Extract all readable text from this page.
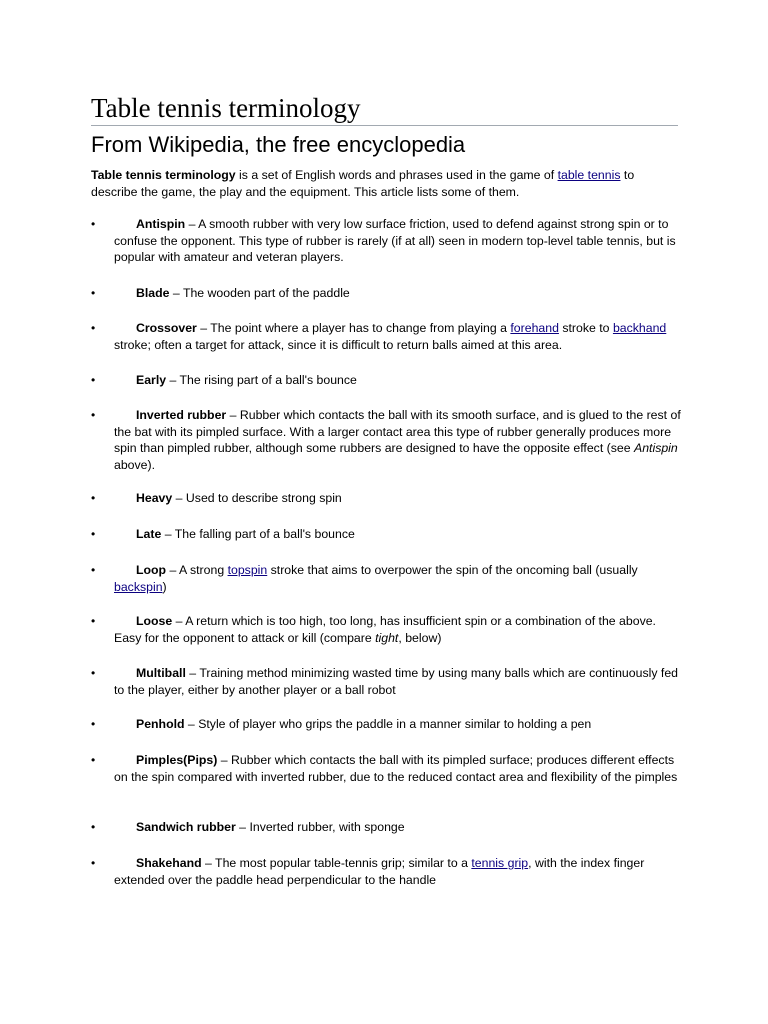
Table tennis terminology
From Wikipedia, the free encyclopedia

Table tennis terminology is a set of English words and phrases used in the game of table tennis to describe the game, the play and the equipment. This article lists some of them.

•	Antispin – A smooth rubber with very low surface friction, used to defend against strong spin or to confuse the opponent. This type of rubber is rarely (if at all) seen in modern top-level table tennis, but is popular with amateur and veteran players.
•	Blade – The wooden part of the paddle
•	Crossover – The point where a player has to change from playing a forehand stroke to backhand stroke; often a target for attack, since it is difficult to return balls aimed at this area.
•	Early – The rising part of a ball's bounce
•	Inverted rubber – Rubber which contacts the ball with its smooth surface, and is glued to the rest of the bat with its pimpled surface. With a larger contact area this type of rubber generally produces more spin than pimpled rubber, although some rubbers are designed to have the opposite effect (see Antispin above).
•	Heavy – Used to describe strong spin
•	Late – The falling part of a ball's bounce
•	Loop – A strong topspin stroke that aims to overpower the spin of the oncoming ball (usually backspin)
•	Loose – A return which is too high, too long, has insufficient spin or a combination of the above. Easy for the opponent to attack or kill (compare tight, below)
•	Multiball – Training method minimizing wasted time by using many balls which are continuously fed to the player, either by another player or a ball robot
•	Penhold – Style of player who grips the paddle in a manner similar to holding a pen
•	Pimples(Pips) – Rubber which contacts the ball with its pimpled surface; produces different effects on the spin compared with inverted rubber, due to the reduced contact area and flexibility of the pimples
•	Sandwich rubber – Inverted rubber, with sponge
•	Shakehand – The most popular table-tennis grip; similar to a tennis grip, with the index finger extended over the paddle head perpendicular to the handle
